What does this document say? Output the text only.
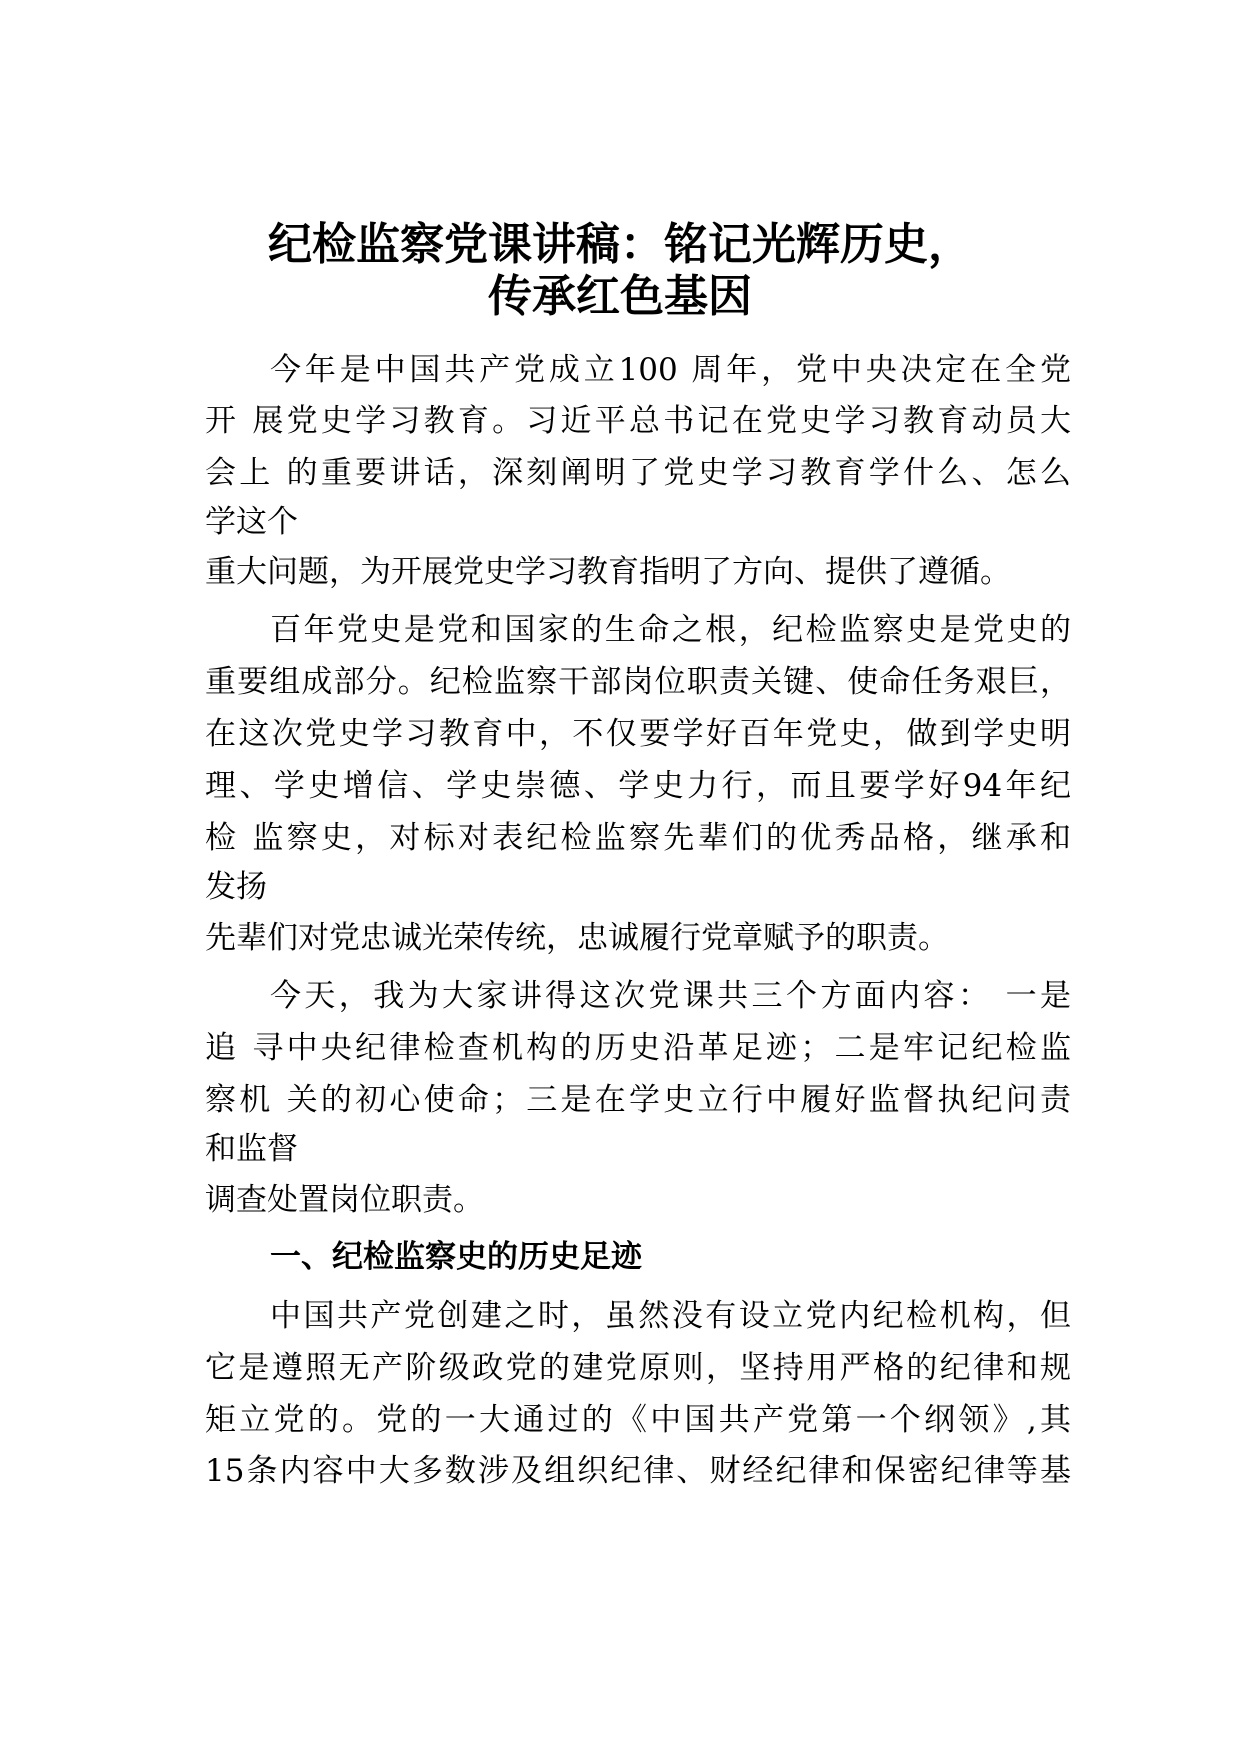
纪检监察党课讲稿：铭记光辉历史，
传承红色基因

今年是中国共产党成立100 周年，党中央决定在全党

开 展党史学习教育。习近平总书记在党史学习教育动员大

会上 的重要讲话，深刻阐明了党史学习教育学什么、怎么

学这个

重大问题，为开展党史学习教育指明了方向、提供了遵循。

百年党史是党和国家的生命之根，纪检监察史是党史的

重要组成部分。纪检监察干部岗位职责关键、使命任务艰巨，

在这次党史学习教育中，不仅要学好百年党史，做到学史明

理、学史增信、学史崇德、学史力行，而且要学好94年纪

检 监察史，对标对表纪检监察先辈们的优秀品格，继承和

发扬

先辈们对党忠诚光荣传统，忠诚履行党章赋予的职责。

今天，我为大家讲得这次党课共三个方面内容： 一是

追 寻中央纪律检查机构的历史沿革足迹；二是牢记纪检监

察机 关的初心使命；三是在学史立行中履好监督执纪问责

和监督

调查处置岗位职责。

一、纪检监察史的历史足迹

中国共产党创建之时，虽然没有设立党内纪检机构，但

它是遵照无产阶级政党的建党原则，坚持用严格的纪律和规

矩立党的。党的一大通过的《中国共产党第一个纲领》,其

15条内容中大多数涉及组织纪律、财经纪律和保密纪律等基
